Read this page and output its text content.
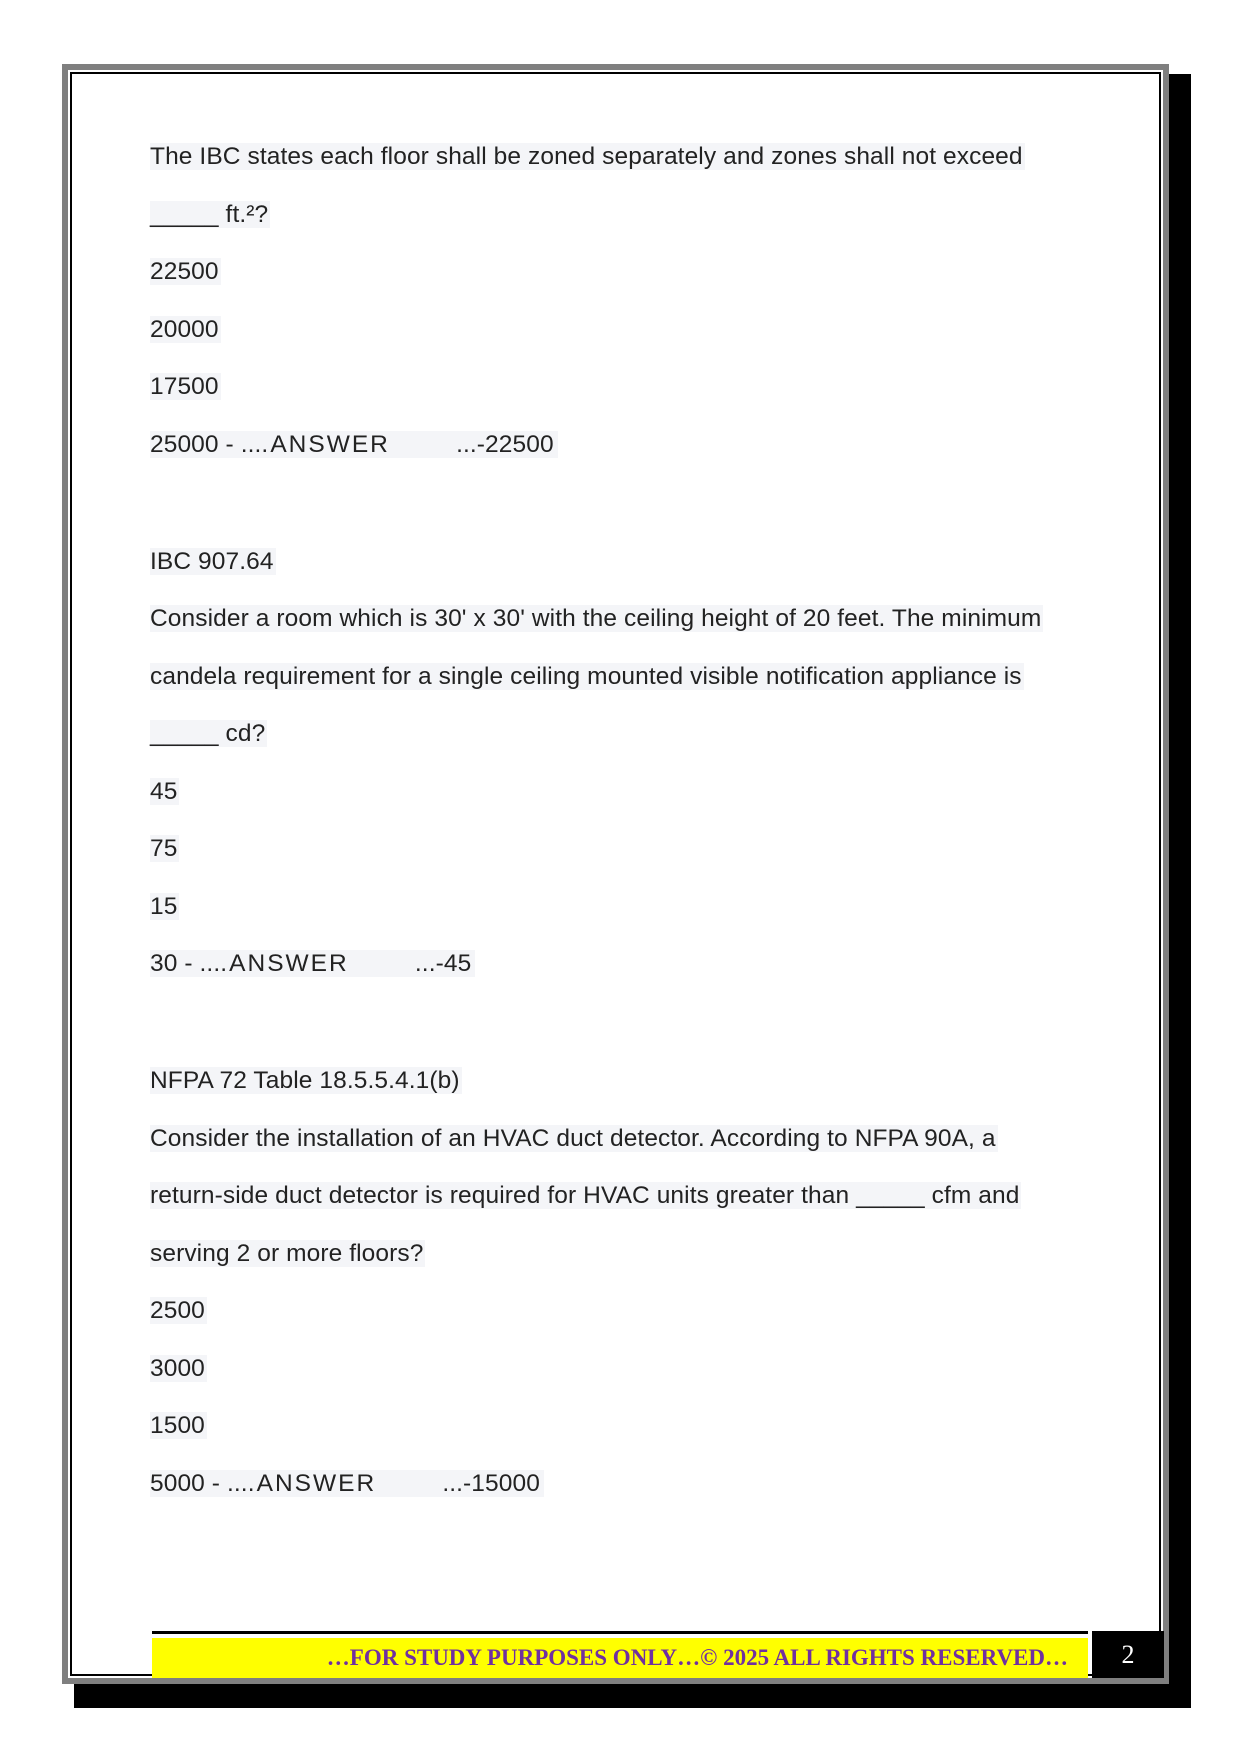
The IBC states each floor shall be zoned separately and zones shall not exceed
_____ ft.²?
22500
20000
17500
25000 - ....ANSWER	...-22500
IBC 907.64
Consider a room which is 30' x 30' with the ceiling height of 20 feet. The minimum
candela requirement for a single ceiling mounted visible notification appliance is
_____ cd?
45
75
15
30 - ....ANSWER	...-45
NFPA 72 Table 18.5.5.4.1(b)
Consider the installation of an HVAC duct detector. According to NFPA 90A, a
return-side duct detector is required for HVAC units greater than _____ cfm and
serving 2 or more floors?
2500
3000
1500
5000 - ....ANSWER	...-15000
…FOR STUDY PURPOSES ONLY…© 2025 ALL RIGHTS RESERVED…	2
